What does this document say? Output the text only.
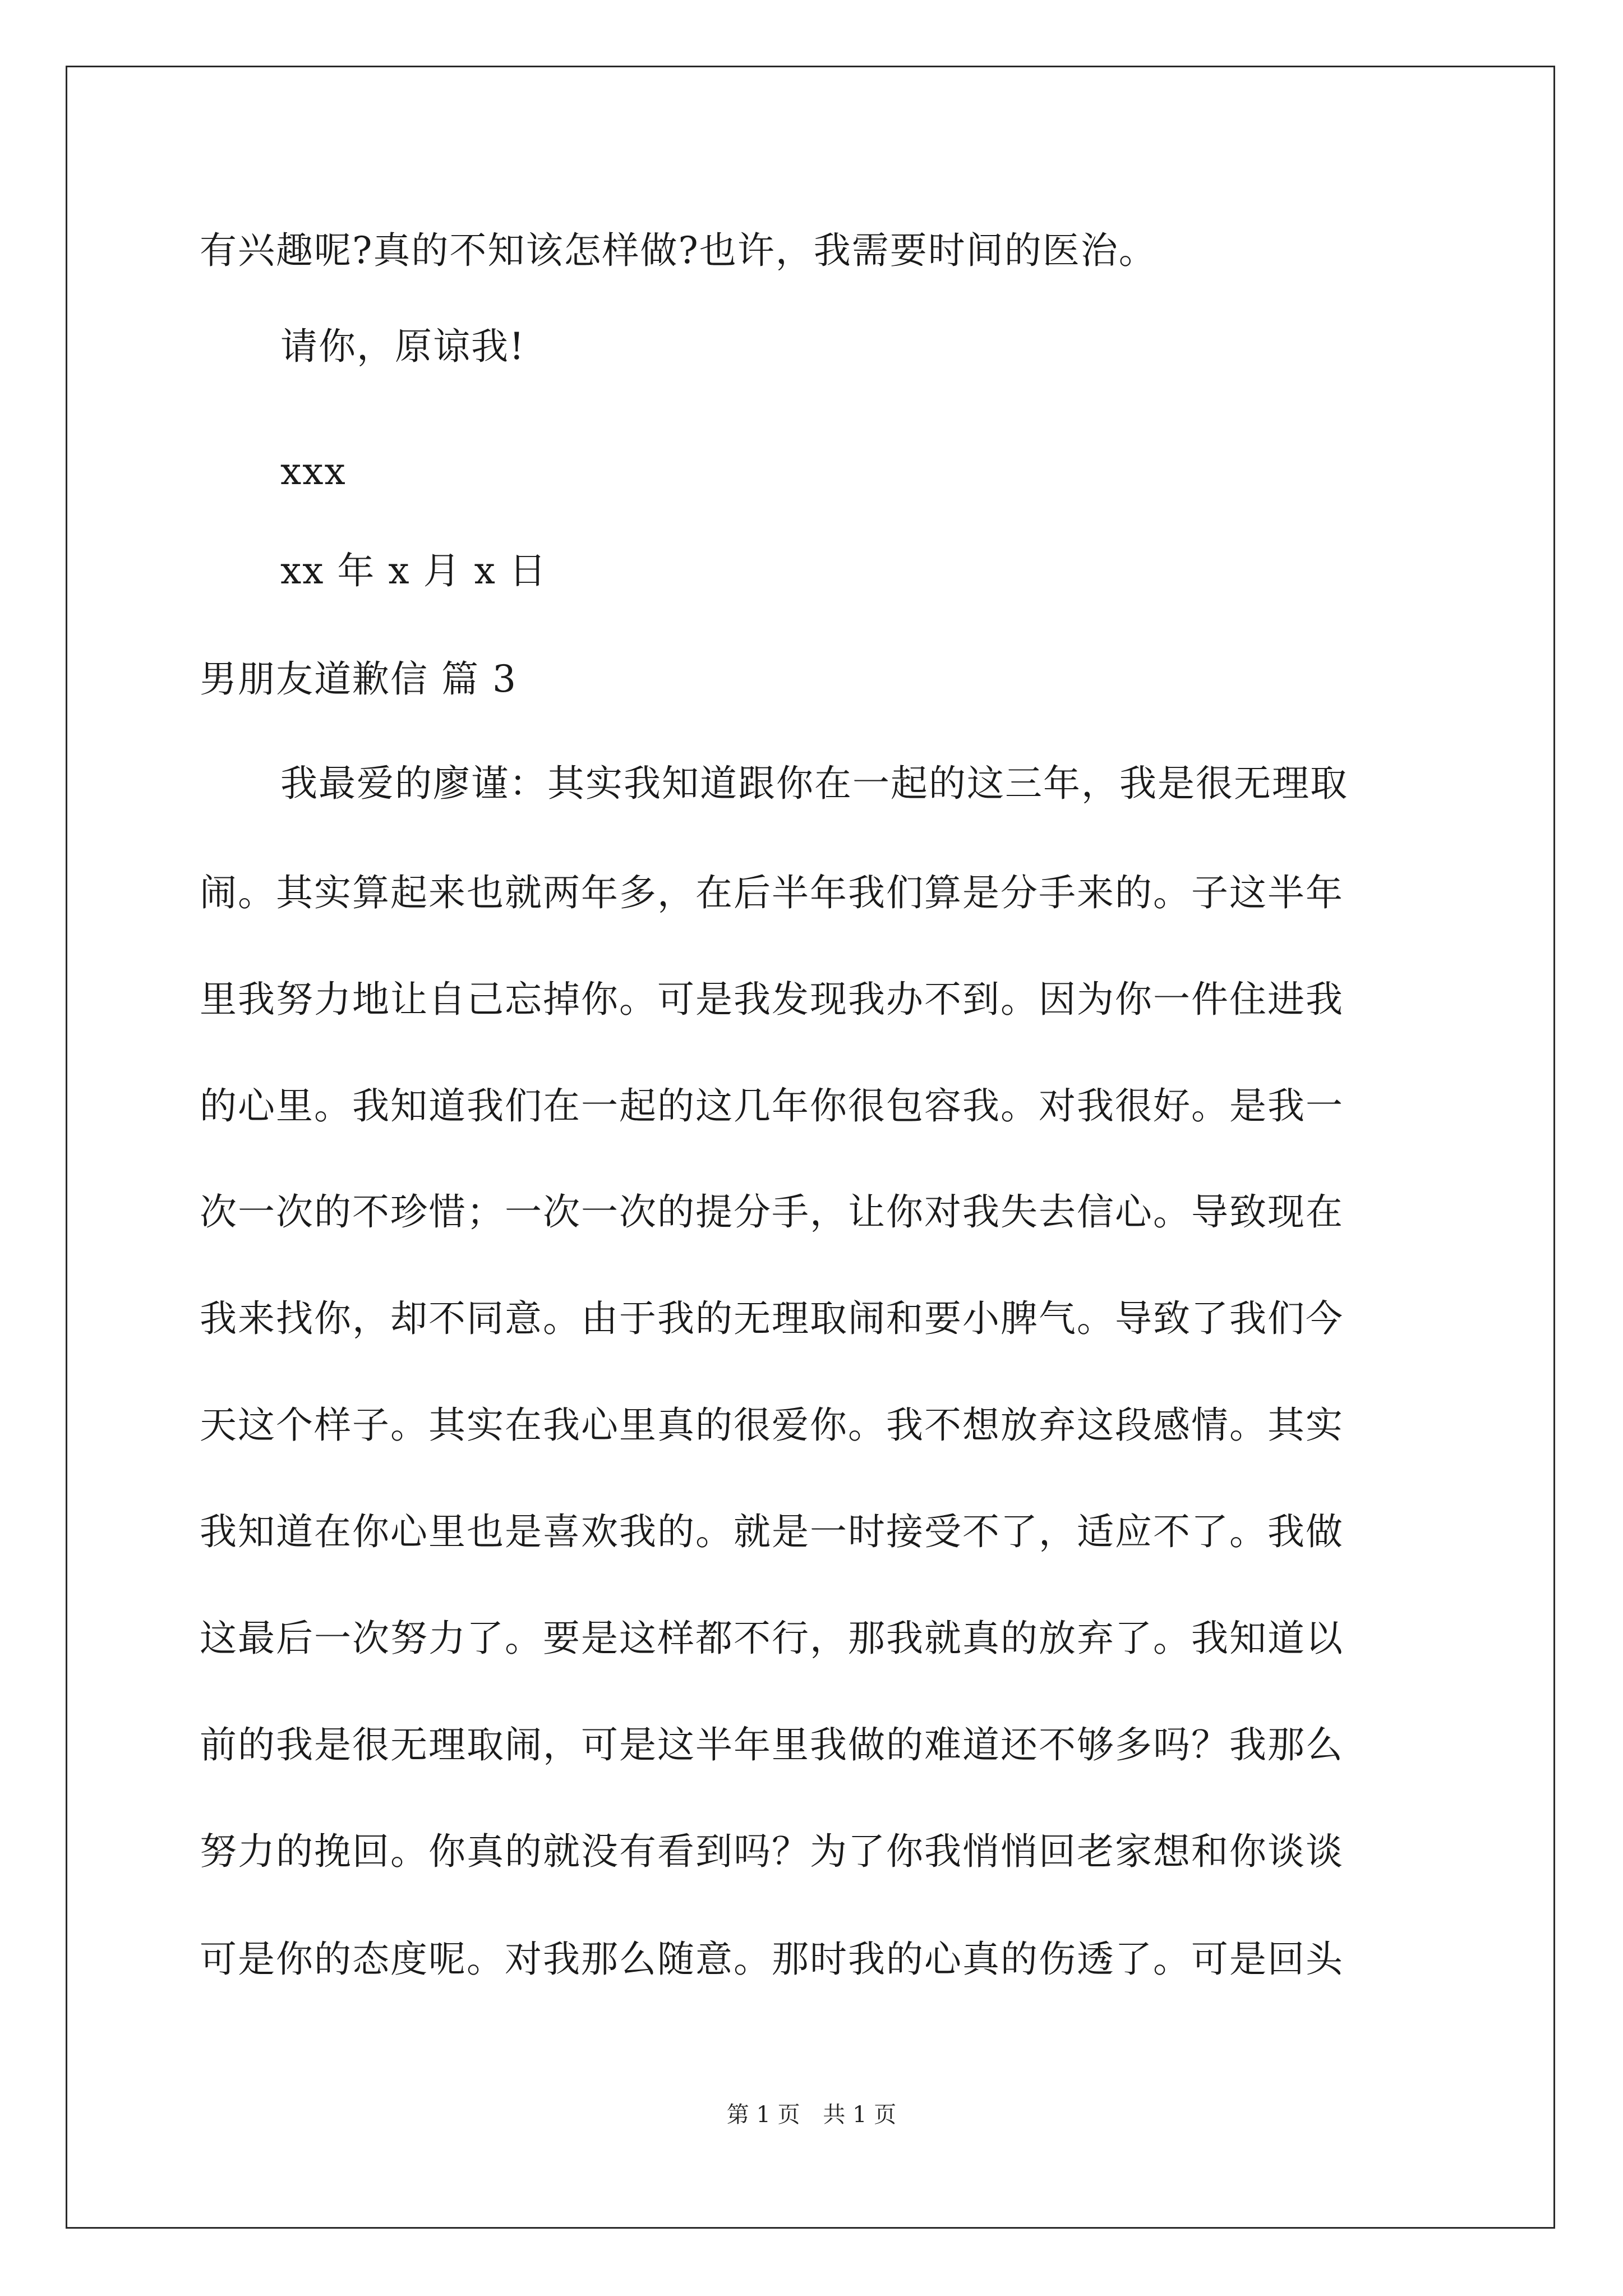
有兴趣呢?真的不知该怎样做?也许，我需要时间的医治。
请你，原谅我!
xxx
xx 年 x 月 x 日
男朋友道歉信 篇 3
我最爱的廖谨：其实我知道跟你在一起的这三年，我是很无理取
闹。其实算起来也就两年多，在后半年我们算是分手来的。子这半年
里我努力地让自己忘掉你。可是我发现我办不到。因为你一件住进我
的心里。我知道我们在一起的这几年你很包容我。对我很好。是我一
次一次的不珍惜；一次一次的提分手，让你对我失去信心。导致现在
我来找你，却不同意。由于我的无理取闹和要小脾气。导致了我们今
天这个样子。其实在我心里真的很爱你。我不想放弃这段感情。其实
我知道在你心里也是喜欢我的。就是一时接受不了，适应不了。我做
这最后一次努力了。要是这样都不行，那我就真的放弃了。我知道以
前的我是很无理取闹，可是这半年里我做的难道还不够多吗？我那么
努力的挽回。你真的就没有看到吗？为了你我悄悄回老家想和你谈谈
可是你的态度呢。对我那么随意。那时我的心真的伤透了。可是回头
第 1 页 共 1 页
